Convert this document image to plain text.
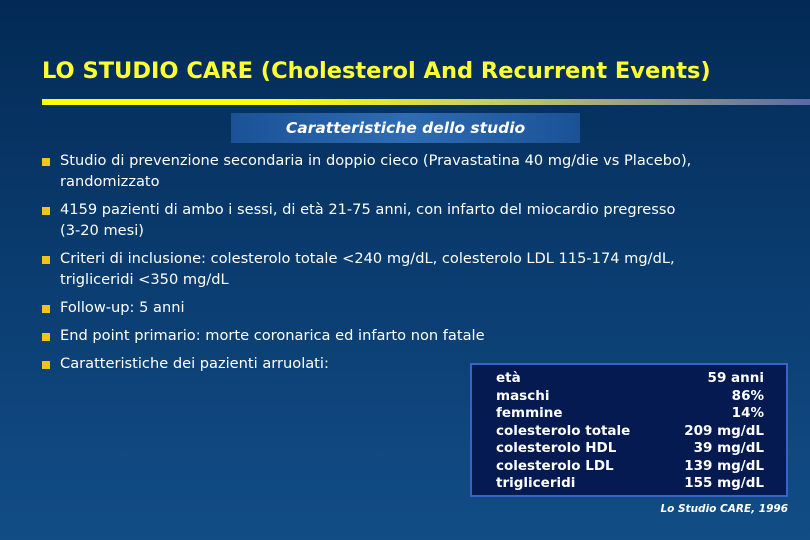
LO STUDIO CARE (Cholesterol And Recurrent Events)
Caratteristiche dello studio
Studio di prevenzione secondaria in doppio cieco (Pravastatina 40 mg/die vs Placebo),
randomizzato
4159 pazienti di ambo i sessi, di età 21-75 anni, con infarto del miocardio pregresso
(3-20 mesi)
Criteri di inclusione: colesterolo totale <240 mg/dL, colesterolo LDL 115-174 mg/dL,
trigliceridi <350 mg/dL
Follow-up: 5 anni
End point primario: morte coronarica ed infarto non fatale
Caratteristiche dei pazienti arruolati:
età	59 anni
maschi	86%
femmine	14%
colesterolo totale	209 mg/dL
colesterolo HDL	39 mg/dL
colesterolo LDL	139 mg/dL
trigliceridi	155 mg/dL
Lo Studio CARE, 1996
